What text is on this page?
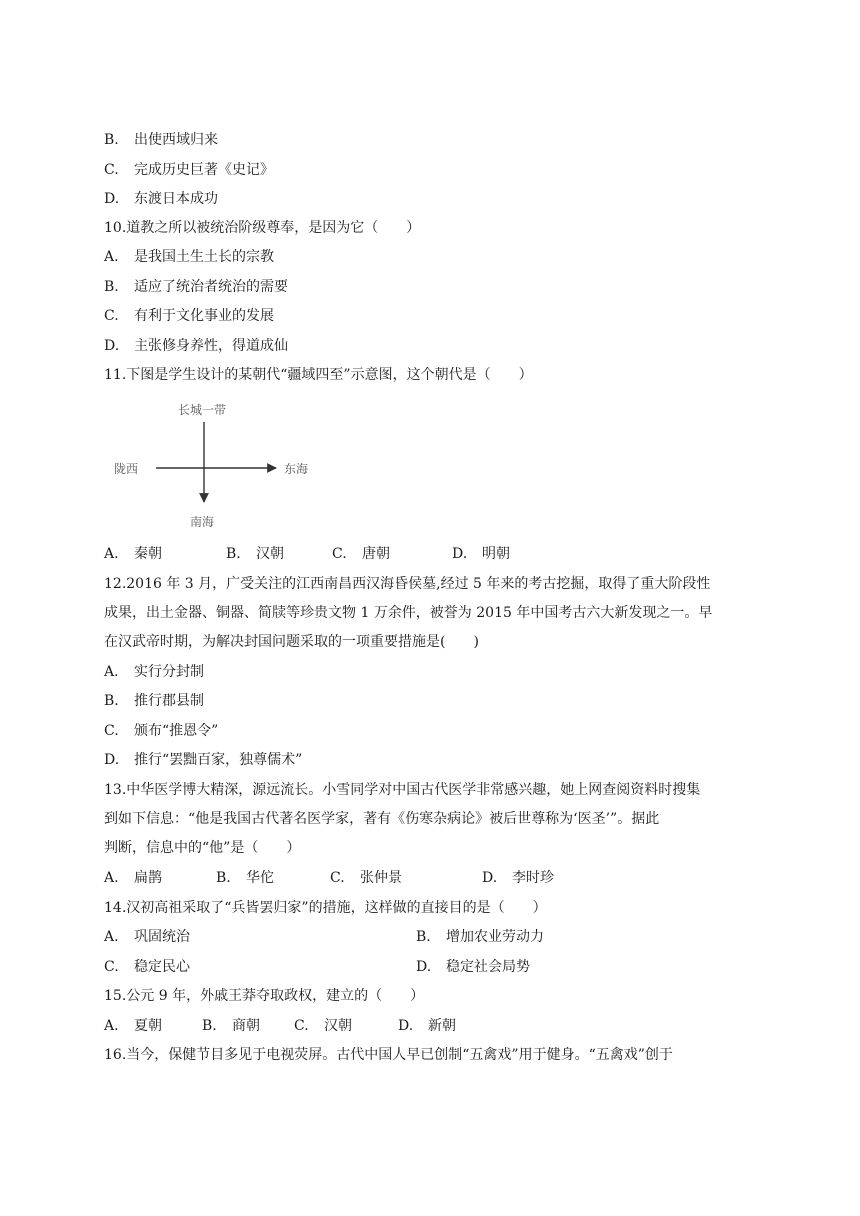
B. 出使西域归来
C. 完成历史巨著《史记》
D. 东渡日本成功
10.道教之所以被统治阶级尊奉，是因为它（　　）
A. 是我国土生土长的宗教
B. 适应了统治者统治的需要
C. 有利于文化事业的发展
D. 主张修身养性，得道成仙
11.下图是学生设计的某朝代“疆域四至”示意图，这个朝代是（　　）
长城一带
陇西	东海
南海
A. 秦朝	B. 汉朝	C. 唐朝	D. 明朝
12.2016 年 3 月，广受关注的江西南昌西汉海昏侯墓,经过 5 年来的考古挖掘，取得了重大阶段性
成果，出土金器、铜器、简牍等珍贵文物 1 万余件，被誉为 2015 年中国考古六大新发现之一。早
在汉武帝时期，为解决封国问题采取的一项重要措施是(　　)
A. 实行分封制
B. 推行郡县制
C. 颁布“推恩令”
D. 推行“罢黜百家，独尊儒术”
13.中华医学博大精深，源远流长。小雪同学对中国古代医学非常感兴趣，她上网查阅资料时搜集
到如下信息：“他是我国古代著名医学家，著有《伤寒杂病论》被后世尊称为‘医圣’”。据此
判断，信息中的“他”是（　　）
A. 扁鹊	B. 华佗	C. 张仲景	D. 李时珍
14.汉初高祖采取了“兵皆罢归家”的措施，这样做的直接目的是（　　）
A. 巩固统治	B. 增加农业劳动力
C. 稳定民心	D. 稳定社会局势
15.公元 9 年，外戚王莽夺取政权，建立的（　　）
A. 夏朝	B. 商朝 C. 汉朝	D. 新朝
16.当今，保健节目多见于电视荧屏。古代中国人早已创制“五禽戏”用于健身。“五禽戏”创于
